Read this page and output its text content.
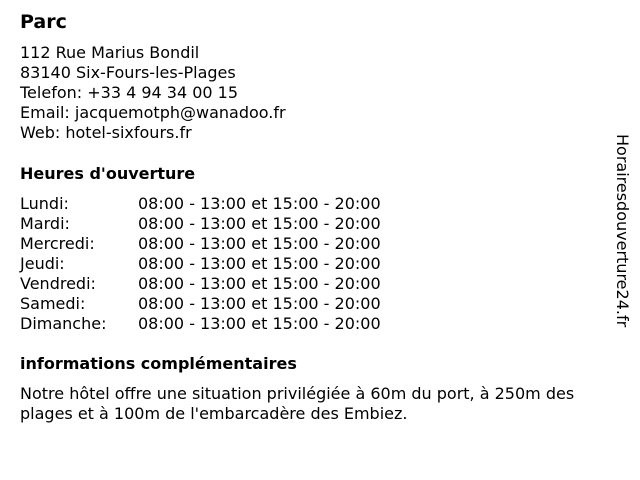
Parc
112 Rue Marius Bondil
83140 Six-Fours-les-Plages
Telefon: +33 4 94 34 00 15
Email: jacquemotph@wanadoo.fr
Web: hotel-sixfours.fr
Heures d'ouverture
Lundi:	08:00 - 13:00 et 15:00 - 20:00
Mardi:	08:00 - 13:00 et 15:00 - 20:00
Mercredi:	08:00 - 13:00 et 15:00 - 20:00
Jeudi:	08:00 - 13:00 et 15:00 - 20:00
Vendredi:	08:00 - 13:00 et 15:00 - 20:00
Samedi:	08:00 - 13:00 et 15:00 - 20:00
Dimanche: 08:00 - 13:00 et 15:00 - 20:00
informations complémentaires
Notre hôtel offre une situation privilégiée à 60m du port, à 250m des plages et à 100m de l'embarcadère des Embiez.
Horairesdouverture24.fr
